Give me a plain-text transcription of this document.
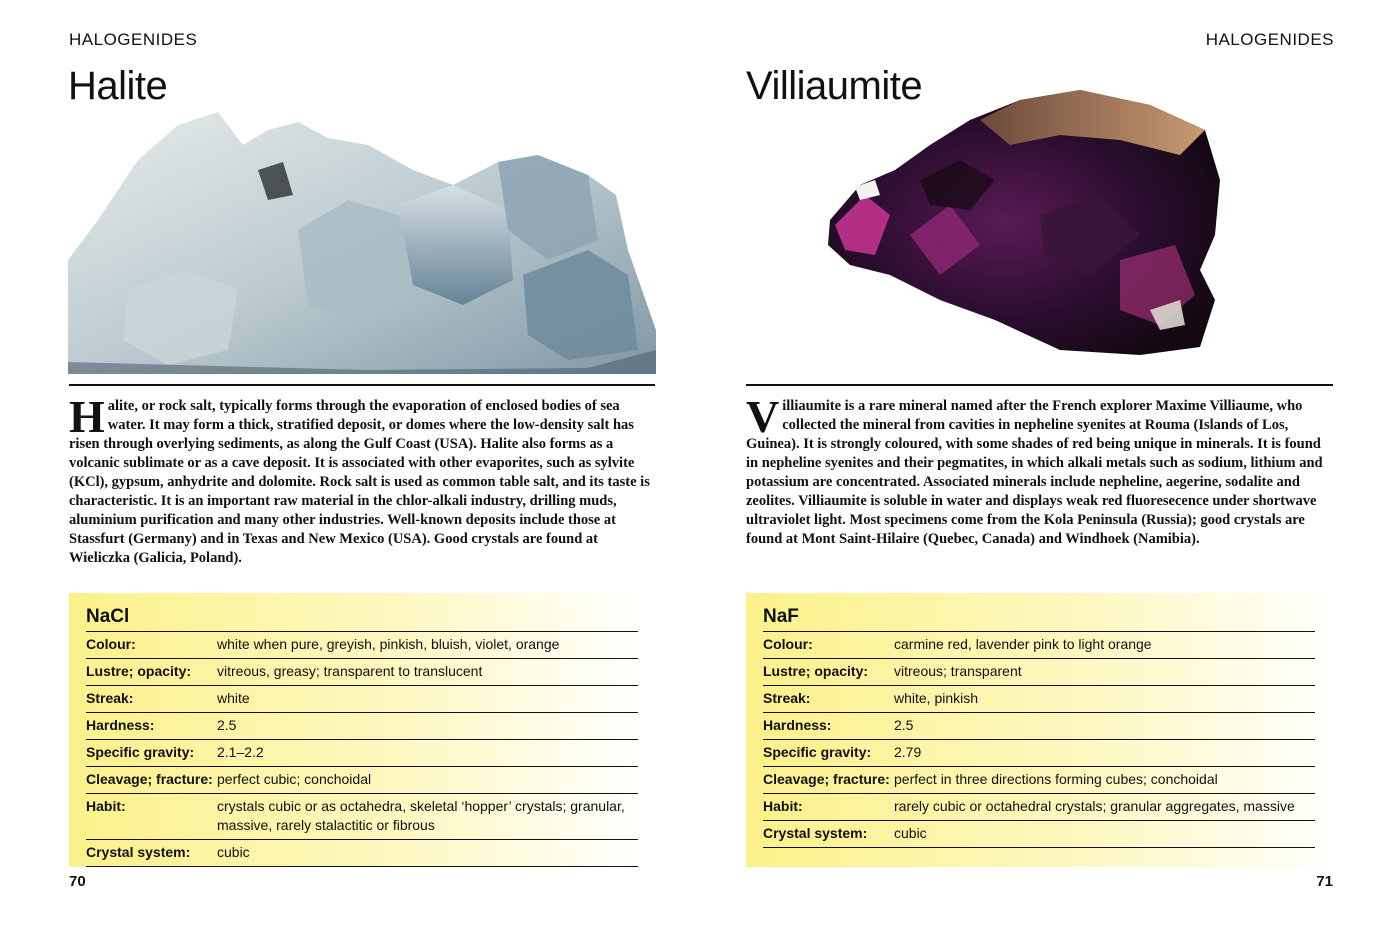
HALOGENIDES
Halite
Halite, or rock salt, typically forms through the evaporation of enclosed bodies of sea water. It may form a thick, stratified deposit, or domes where the low-density salt has risen through overlying sediments, as along the Gulf Coast (USA). Halite also forms as a volcanic sublimate or as a cave deposit. It is associated with other evaporites, such as sylvite (KCl), gypsum, anhydrite and dolomite. Rock salt is used as common table salt, and its taste is characteristic. It is an important raw material in the chlor-alkali industry, drilling muds, aluminium purification and many other industries. Well-known deposits include those at Stassfurt (Germany) and in Texas and New Mexico (USA). Good crystals are found at Wieliczka (Galicia, Poland).
NaCl
Colour:	white when pure, greyish, pinkish, bluish, violet, orange
Lustre; opacity:	vitreous, greasy; transparent to translucent
Streak:	white
Hardness:	2.5
Specific gravity:	2.1–2.2
Cleavage; fracture: perfect cubic; conchoidal
Habit:	crystals cubic or as octahedra, skeletal ‘hopper’ crystals; granular, massive, rarely stalactitic or fibrous
Crystal system:	cubic
70
HALOGENIDES
Villiaumite
Villiaumite is a rare mineral named after the French explorer Maxime Villiaume, who collected the mineral from cavities in nepheline syenites at Rouma (Islands of Los, Guinea). It is strongly coloured, with some shades of red being unique in minerals. It is found in nepheline syenites and their pegmatites, in which alkali metals such as sodium, lithium and potassium are concentrated. Associated minerals include nepheline, aegerine, sodalite and zeolites. Villiaumite is soluble in water and displays weak red fluoresecence under shortwave ultraviolet light. Most specimens come from the Kola Peninsula (Russia); good crystals are found at Mont Saint-Hilaire (Quebec, Canada) and Windhoek (Namibia).
NaF
Colour:	carmine red, lavender pink to light orange
Lustre; opacity:	vitreous; transparent
Streak:	white, pinkish
Hardness:	2.5
Specific gravity:	2.79
Cleavage; fracture: perfect in three directions forming cubes; conchoidal
Habit:	rarely cubic or octahedral crystals; granular aggregates, massive
Crystal system:	cubic
71
